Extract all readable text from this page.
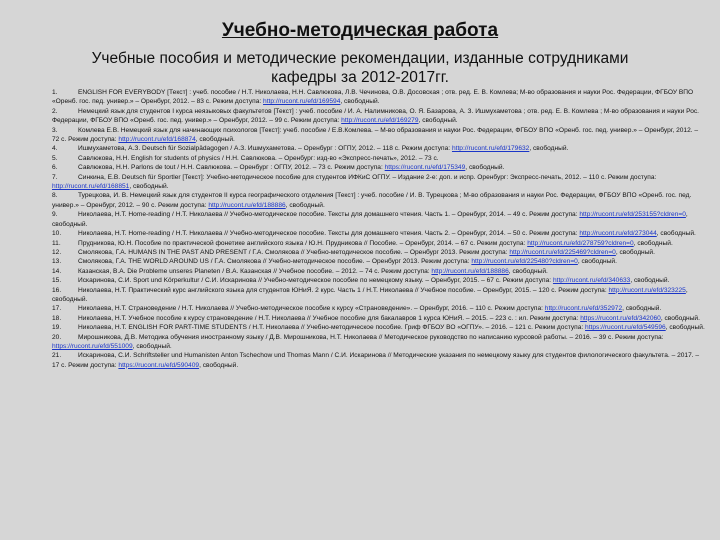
Учебно-методическая работа
Учебные пособия и методические рекомендации, изданные сотрудниками кафедры за 2012-2017гг.

1.	ENGLISH FOR EVERYBODY [Текст] : учеб. пособие / Н.Т. Николаева, Н.Н. Савлюкова, Л.В. Чечинова, О.В. Досовская ; отв. ред. Е. В. Комлева; М-во образования и науки Рос. Федерации, ФГБОУ ВПО «Оренб. гос. пед. универ.» – Оренбург, 2012. – 83 с. Режим доступа: http://rucont.ru/efd/169594, свободный.

2.	Немецкий язык для студентов I курса неязыковых факультетов [Текст] : учеб. пособие / И. А. Налимникова, О. Я. Базарова, А. З. Ишмухаметова ; отв. ред. Е. В. Комлева ; М-во образования и науки Рос. Федерации, ФГБОУ ВПО «Оренб. гос. пед. универ.» – Оренбург, 2012. – 99 с. Режим доступа: http://rucont.ru/efd/169279, свободный.

3.	Комлева Е.В. Немецкий язык для начинающих психологов [Текст]: учеб. пособие / Е.В.Комлева. – М-во образования и науки Рос. Федерации, ФГБОУ ВПО «Оренб. гос. пед. универ.» – Оренбург, 2012. – 72 с. Режим доступа: http://rucont.ru/efd/168874, свободный.

4.	Ишмухаметова, А.З. Deutsch für Sozialpädagogen / А.З. Ишмухаметова. – Оренбург : ОГПУ, 2012. – 118 с. Режим доступа: http://rucont.ru/efd/179632, свободный.

5.	Савлюкова, Н.Н. English for students of physics / Н.Н. Савлюкова. – Оренбург: изд-во «Экспресс-печать», 2012. – 73 с.

6.	Савлюкова, Н.Н. Parlons de tout / Н.Н. Савлюкова. – Оренбург : ОГПУ, 2012. – 73 с. Режим доступа: https://rucont.ru/efd/175349, свободный.

7.	Синкина, Е.В. Deutsch für Sportler [Текст]: Учебно-методическое пособие для студентов ИФКиС ОГПУ. – Издание 2-е: доп. и испр. Оренбург: Экспресс-печать, 2012. – 110 с. Режим доступа: http://rucont.ru/efd/168851, свободный.

8.	Турецкова, И. В. Немецкий язык для студентов II курса географического отделения [Текст] : учеб. пособие / И. В. Турецкова ; М-во образования и науки Рос. Федерации, ФГБОУ ВПО «Оренб. гос. пед. универ.» – Оренбург, 2012. – 90 с. Режим доступа: http://rucont.ru/efd/188886, свободный.

9.	Николаева, Н.Т. Home-reading / Н.Т. Николаева // Учебно-методическое пособие. Тексты для домашнего чтения. Часть 1. – Оренбург, 2014. – 49 с. Режим доступа: http://rucont.ru/efd/253155?cldren=0, свободный.

10.	Николаева, Н.Т. Home-reading / Н.Т. Николаева // Учебно-методическое пособие. Тексты для домашнего чтения. Часть 2. – Оренбург, 2014. – 50 с. Режим доступа: http://rucont.ru/efd/273044, свободный.

11.	Прудникова, Ю.Н. Пособие по практической фонетике английского языка / Ю.Н. Прудникова // Пособие. – Оренбург, 2014. – 67 с. Режим доступа: http://rucont.ru/efd/278759?cldren=0, свободный.

12.	Смолякова, Г.А. HUMANS IN THE PAST AND PRESENT / Г.А. Смолякова // Учебно-методическое пособие. – Оренбург 2013. Режим доступа: http://rucont.ru/efd/225469?cldren=0, свободный.

13.	Смолякова, Г.А. THE WORLD AROUND US / Г.А. Смолякова // Учебно-методическое пособие. – Оренбург 2013. Режим доступа: http://rucont.ru/efd/225480?cldren=0, свободный.

14.	Казанская, В.А. Die Probleme unseres Planeten / В.А. Казанская // Учебное пособие. – 2012. – 74 с. Режим доступа: http://rucont.ru/efd/188886, свободный.

15.	Искаринова, С.И. Sport und Körperkultur / С.И. Искаринова // Учебно-методическое пособие по немецкому языку. – Оренбург, 2015. – 67 с. Режим доступа: http://rucont.ru/efd/340633, свободный.

16.	Николаева, Н.Т. Практический курс английского языка для студентов ЮНиЯ. 2 курс. Часть 1 / Н.Т. Николаева // Учебное пособие. – Оренбург, 2015. – 120 с. Режим доступа: http://rucont.ru/efd/323225, свободный.

17.	Николаева, Н.Т. Страноведение / Н.Т. Николаева // Учебно-методическое пособие к курсу «Страноведение». – Оренбург, 2016. – 110 с. Режим доступа: http://rucont.ru/efd/352972, свободный.

18.	Николаева, Н.Т. Учебное пособие к курсу страноведение / Н.Т. Николаева // Учебное пособие для бакалавров 1 курса ЮНиЯ. – 2015. – 223 с. : ил. Режим доступа: https://rucont.ru/efd/342060, свободный.

19.	Николаева, Н.Т. ENGLISH FOR PART-TIME STUDENTS / Н.Т. Николаева // Учебно-методическое пособие. Гриф ФГБОУ ВО «ОГПУ». – 2016. – 121 с. Режим доступа: https://rucont.ru/efd/549596, свободный.

20.	Мирошникова, Д.В. Методика обучения иностранному языку / Д.В. Мирошникова, Н.Т. Николаева // Методическое руководство по написанию курсовой работы. – 2016. – 39 с. Режим доступа: https://rucont.ru/efd/551009, свободный.

21.	Искаринова, С.И. Schriftsteller und Humanisten Anton Tschechow und Thomas Mann / С.И. Искаринова // Методические указания по немецкому языку для студентов филологического факультета. – 2017. – 17 с. Режим доступа: https://rucont.ru/efd/590409, свободный.
